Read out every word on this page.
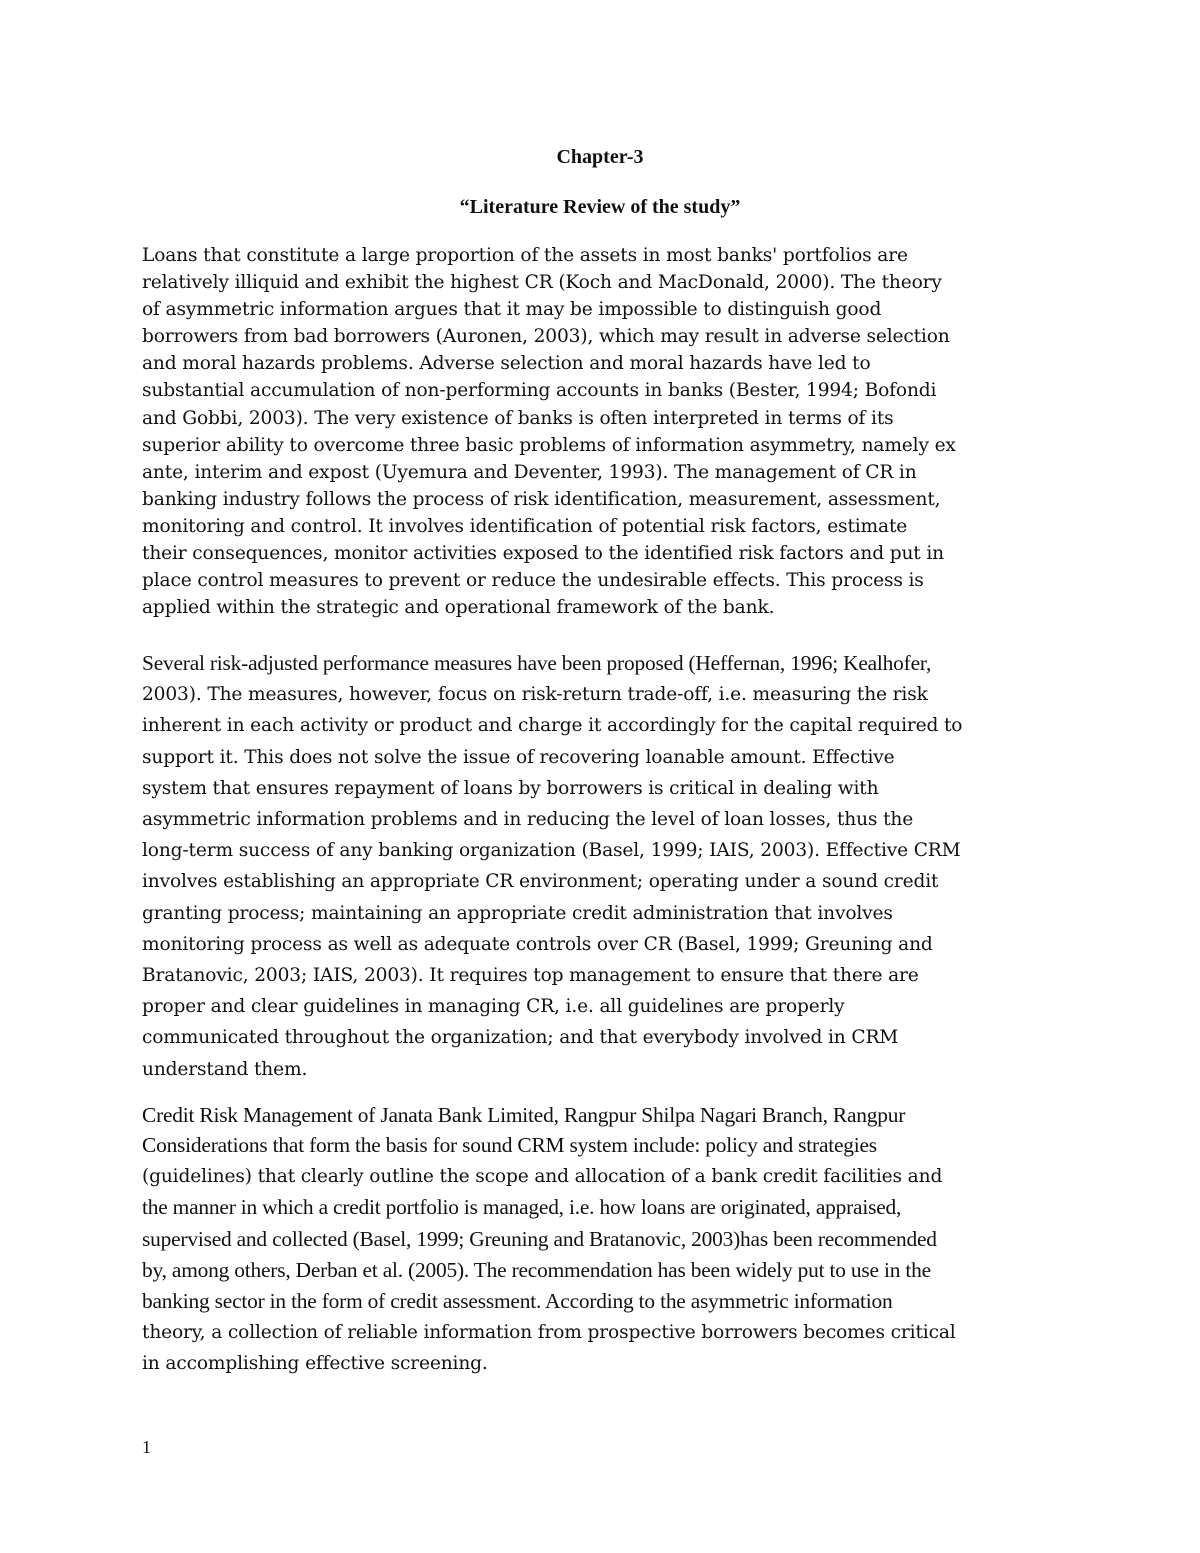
Chapter-3
“Literature Review of the study”
Loans that constitute a large proportion of the assets in most banks' portfolios are
relatively illiquid and exhibit the highest CR (Koch and MacDonald, 2000). The theory
of asymmetric information argues that it may be impossible to distinguish good
borrowers from bad borrowers (Auronen, 2003), which may result in adverse selection
and moral hazards problems. Adverse selection and moral hazards have led to
substantial accumulation of non-performing accounts in banks (Bester, 1994; Bofondi
and Gobbi, 2003). The very existence of banks is often interpreted in terms of its
superior ability to overcome three basic problems of information asymmetry, namely ex
ante, interim and expost (Uyemura and Deventer, 1993). The management of CR in
banking industry follows the process of risk identification, measurement, assessment,
monitoring and control. It involves identification of potential risk factors, estimate
their consequences, monitor activities exposed to the identified risk factors and put in
place control measures to prevent or reduce the undesirable effects. This process is
applied within the strategic and operational framework of the bank.
Several risk-adjusted performance measures have been proposed (Heffernan, 1996; Kealhofer,
2003). The measures, however, focus on risk-return trade-off, i.e. measuring the risk
inherent in each activity or product and charge it accordingly for the capital required to
support it. This does not solve the issue of recovering loanable amount. Effective
system that ensures repayment of loans by borrowers is critical in dealing with
asymmetric information problems and in reducing the level of loan losses, thus the
long-term success of any banking organization (Basel, 1999; IAIS, 2003). Effective CRM
involves establishing an appropriate CR environment; operating under a sound credit
granting process; maintaining an appropriate credit administration that involves
monitoring process as well as adequate controls over CR (Basel, 1999; Greuning and
Bratanovic, 2003; IAIS, 2003). It requires top management to ensure that there are
proper and clear guidelines in managing CR, i.e. all guidelines are properly
communicated throughout the organization; and that everybody involved in CRM
understand them.
Credit Risk Management of Janata Bank Limited, Rangpur Shilpa Nagari Branch, Rangpur
Considerations that form the basis for sound CRM system include: policy and strategies
(guidelines) that clearly outline the scope and allocation of a bank credit facilities and
the manner in which a credit portfolio is managed, i.e. how loans are originated, appraised,
supervised and collected (Basel, 1999; Greuning and Bratanovic, 2003)has been recommended
by, among others, Derban et al. (2005). The recommendation has been widely put to use in the
banking sector in the form of credit assessment. According to the asymmetric information
theory, a collection of reliable information from prospective borrowers becomes critical
in accomplishing effective screening.

1
